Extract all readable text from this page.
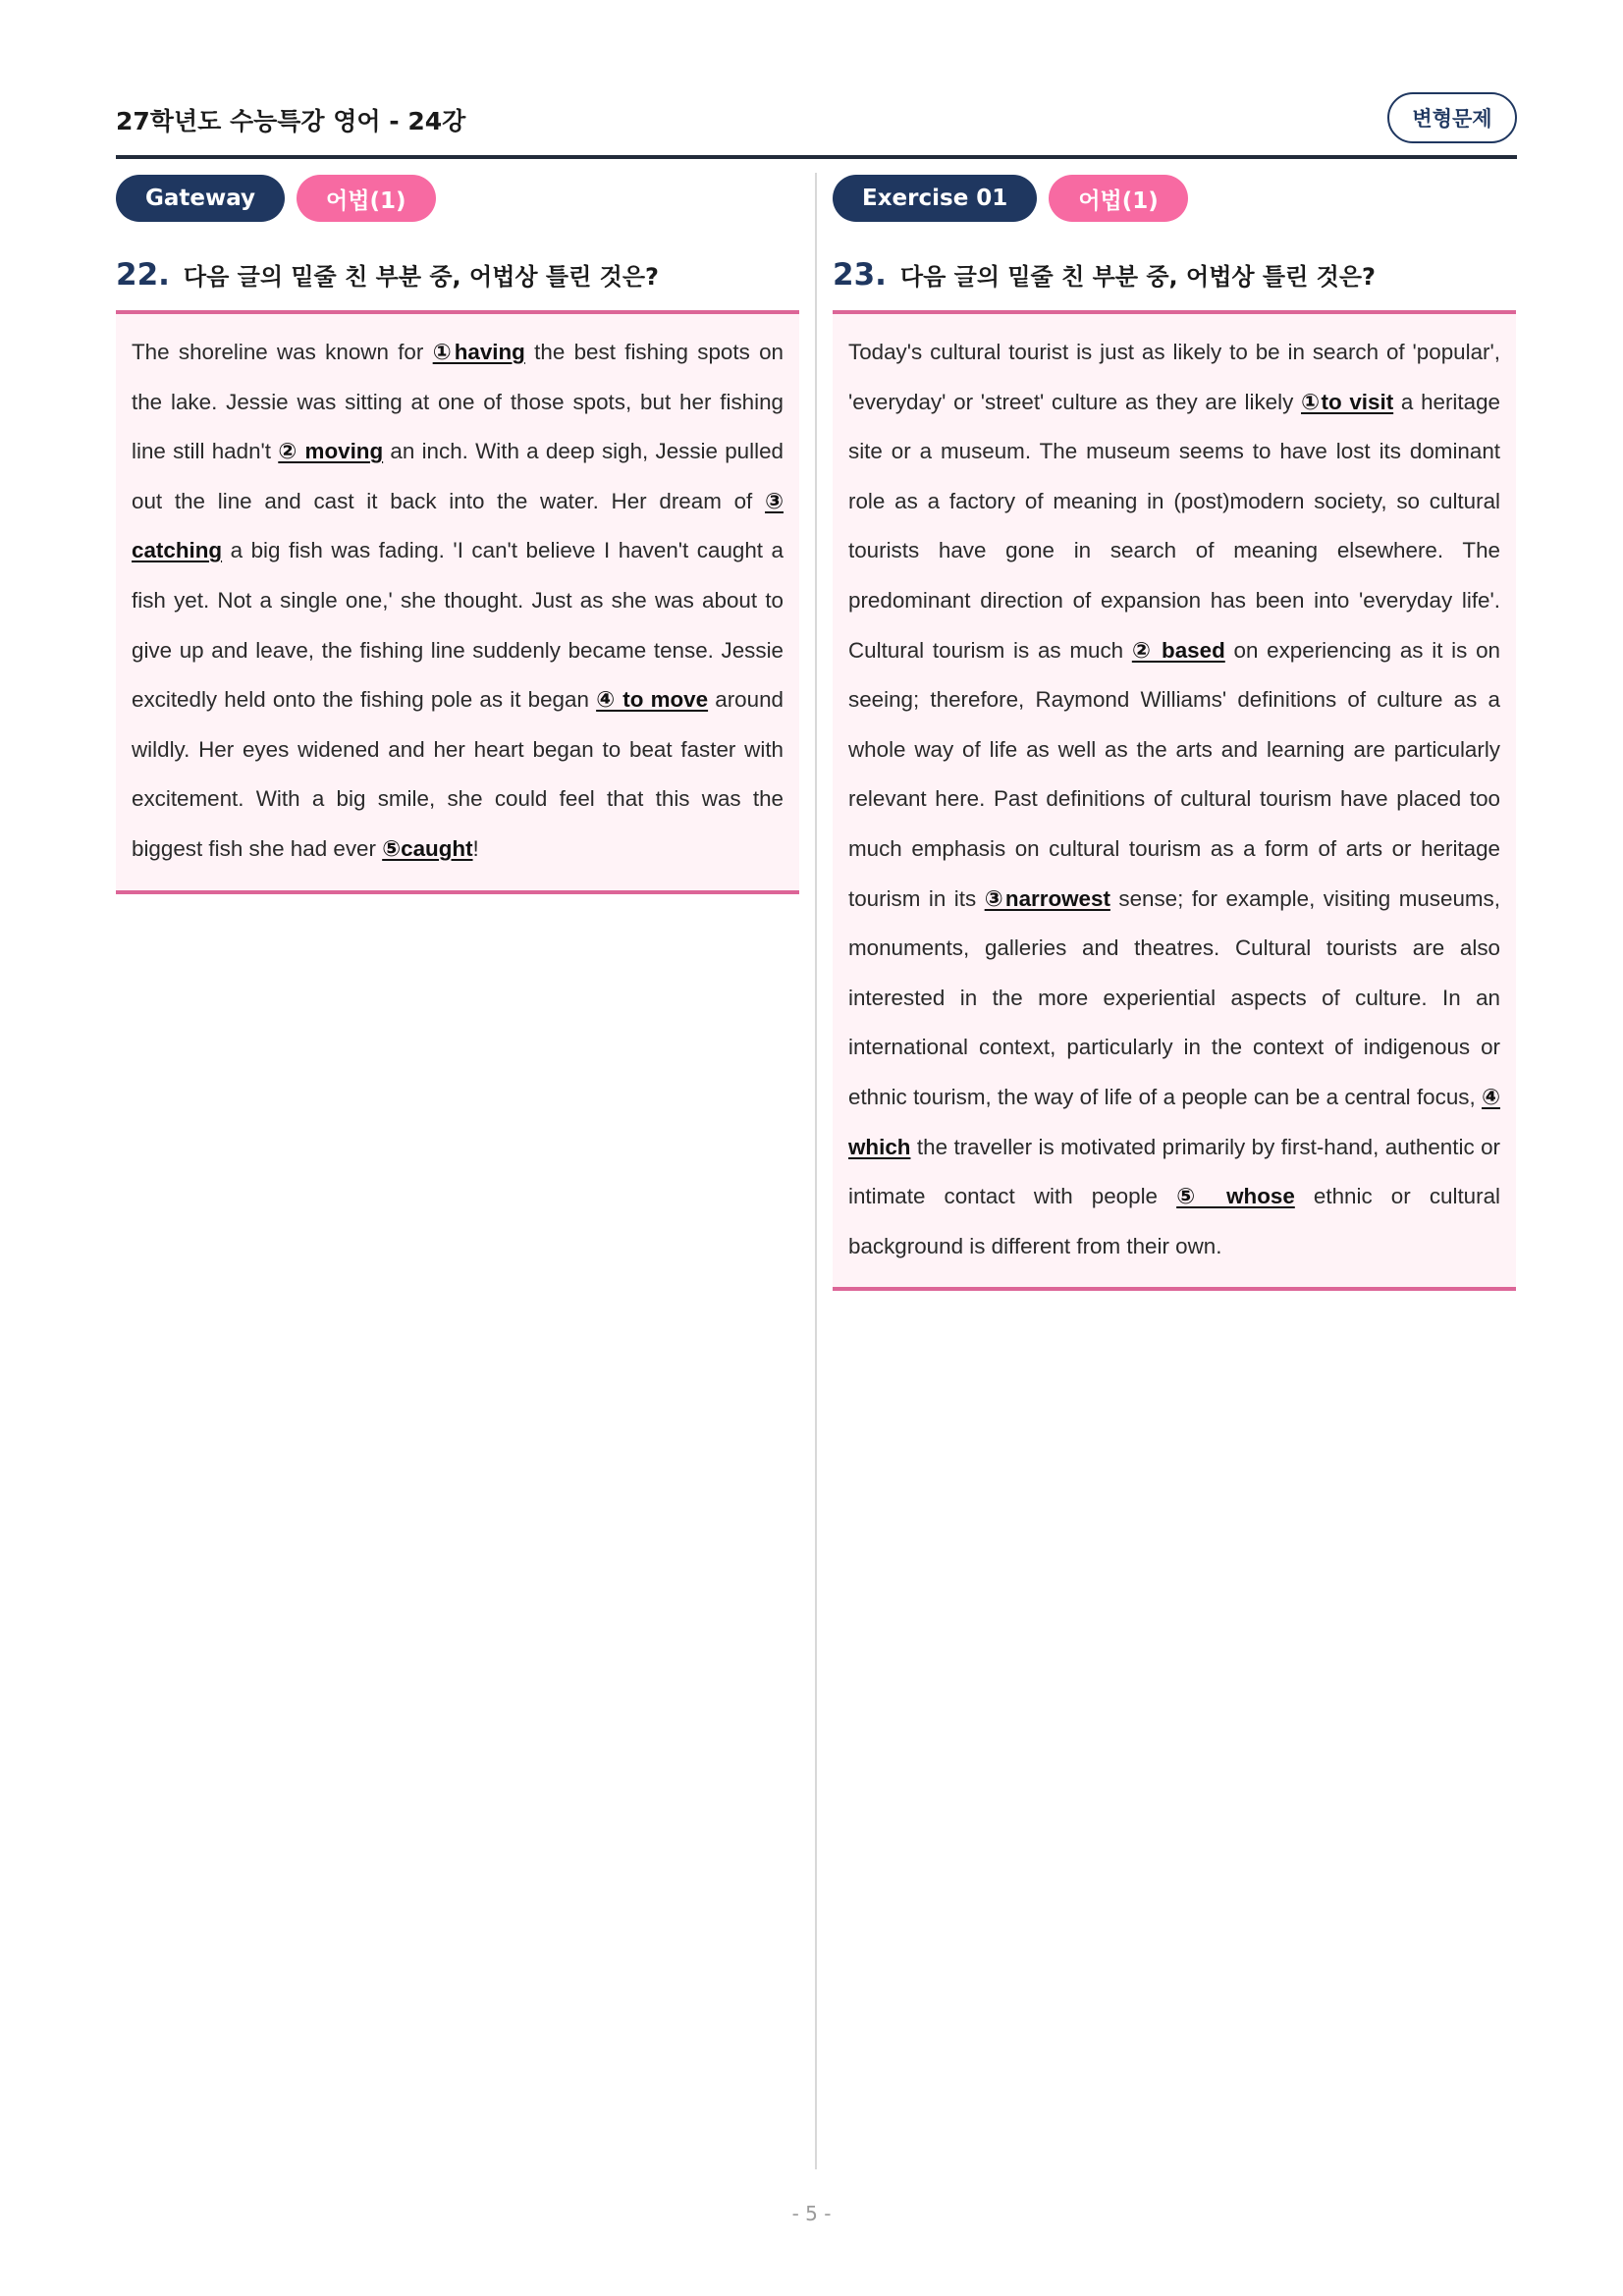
27학년도 수능특강 영어 - 24강	변형문제
Gateway	어법(1)
22. 다음 글의 밑줄 친 부분 중, 어법상 틀린 것은?

The shoreline was known for ①having the best fishing spots on the lake. Jessie was sitting at one of those spots, but her fishing line still hadn't ② moving an inch. With a deep sigh, Jessie pulled out the line and cast it back into the water. Her dream of ③ catching a big fish was fading. 'I can't believe I haven't caught a fish yet. Not a single one,' she thought. Just as she was about to give up and leave, the fishing line suddenly became tense. Jessie excitedly held onto the fishing pole as it began ④ to move around wildly. Her eyes widened and her heart began to beat faster with excitement. With a big smile, she could feel that this was the biggest fish she had ever ⑤caught!

Exercise 01	어법(1)
23. 다음 글의 밑줄 친 부분 중, 어법상 틀린 것은?

Today's cultural tourist is just as likely to be in search of 'popular', 'everyday' or 'street' culture as they are likely ①to visit a heritage site or a museum. The museum seems to have lost its dominant role as a factory of meaning in (post)modern society, so cultural tourists have gone in search of meaning elsewhere. The predominant direction of expansion has been into 'everyday life'. Cultural tourism is as much ② based on experiencing as it is on seeing; therefore, Raymond Williams' definitions of culture as a whole way of life as well as the arts and learning are particularly relevant here. Past definitions of cultural tourism have placed too much emphasis on cultural tourism as a form of arts or heritage tourism in its ③narrowest sense; for example, visiting museums, monuments, galleries and theatres. Cultural tourists are also interested in the more experiential aspects of culture. In an international context, particularly in the context of indigenous or ethnic tourism, the way of life of a people can be a central focus, ④ which the traveller is motivated primarily by first-hand, authentic or intimate contact with people ⑤ whose ethnic or cultural background is different from their own.

- 5 -
